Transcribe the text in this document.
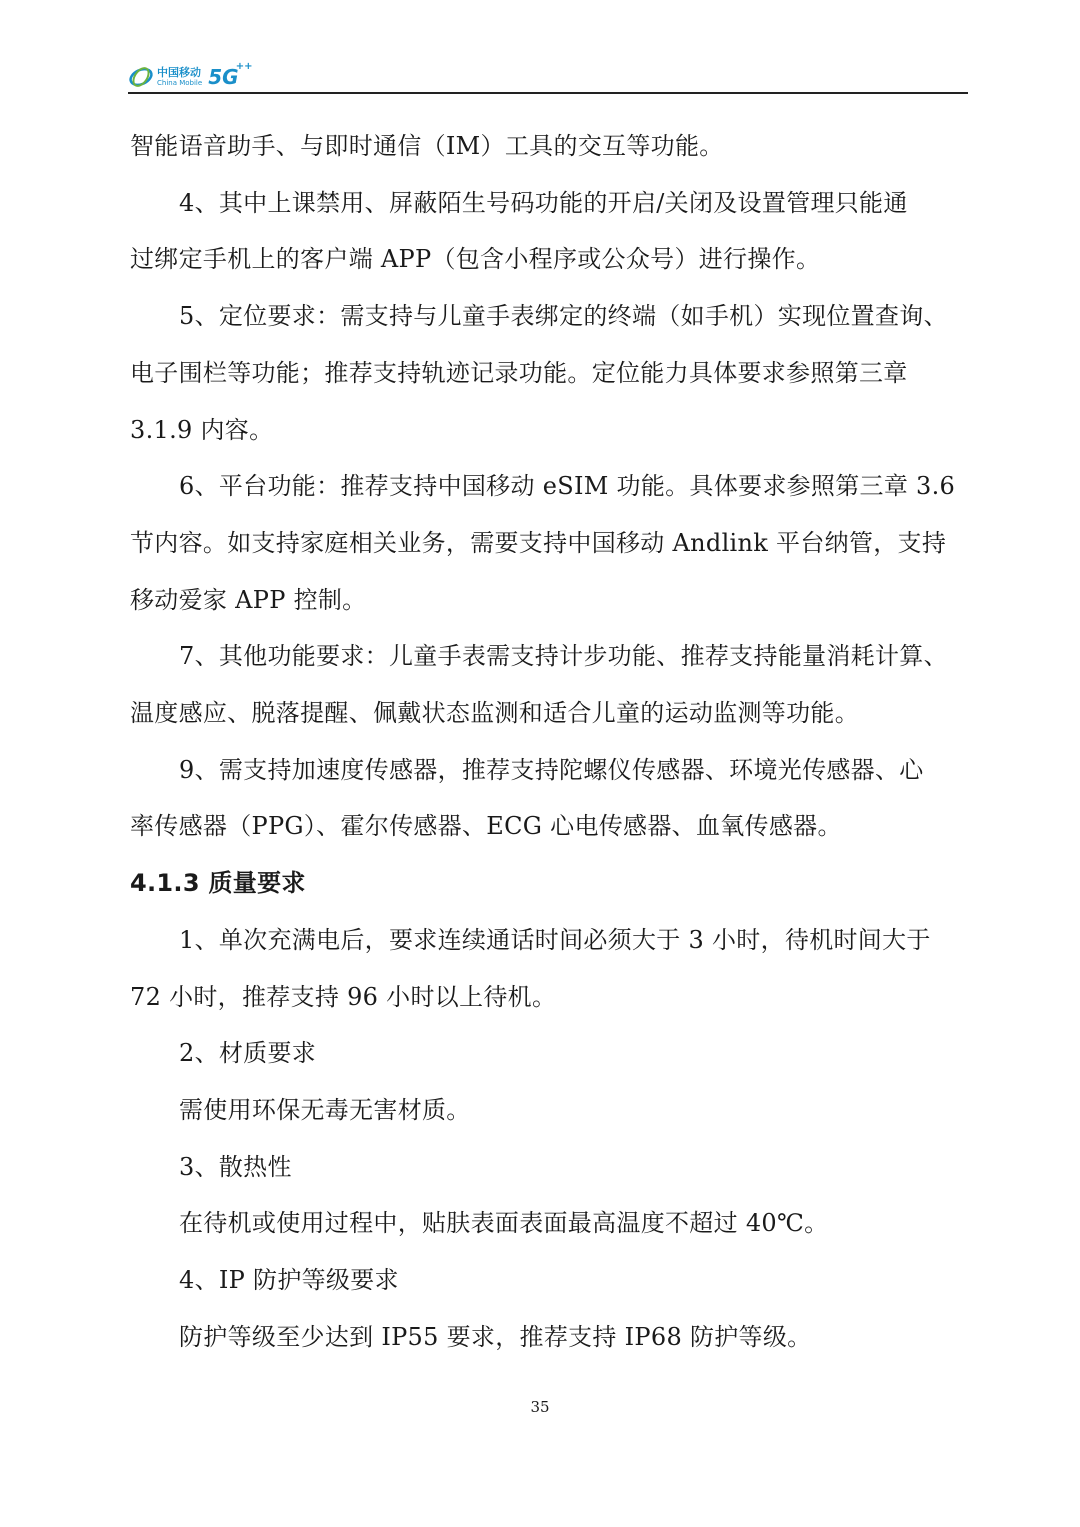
中国移动
China Mobile 5G
++

智能语音助手、与即时通信（IM）工具的交互等功能。

4、其中上课禁用、屏蔽陌生号码功能的开启/关闭及设置管理只能通

过绑定手机上的客户端 APP（包含小程序或公众号）进行操作。

5、定位要求：需支持与儿童手表绑定的终端（如手机）实现位置查询、

电子围栏等功能；推荐支持轨迹记录功能。定位能力具体要求参照第三章

3.1.9 内容。

6、平台功能：推荐支持中国移动 eSIM 功能。具体要求参照第三章 3.6

节内容。如支持家庭相关业务，需要支持中国移动 Andlink 平台纳管，支持

移动爱家 APP 控制。

7、其他功能要求：儿童手表需支持计步功能、推荐支持能量消耗计算、

温度感应、脱落提醒、佩戴状态监测和适合儿童的运动监测等功能。

9、需支持加速度传感器，推荐支持陀螺仪传感器、环境光传感器、心

率传感器（PPG）、霍尔传感器、ECG 心电传感器、血氧传感器。

4.1.3 质量要求

1、单次充满电后，要求连续通话时间必须大于 3 小时，待机时间大于

72 小时，推荐支持 96 小时以上待机。

2、材质要求

需使用环保无毒无害材质。

3、散热性

在待机或使用过程中，贴肤表面表面最高温度不超过 40℃。

4、IP 防护等级要求

防护等级至少达到 IP55 要求，推荐支持 IP68 防护等级。

35
